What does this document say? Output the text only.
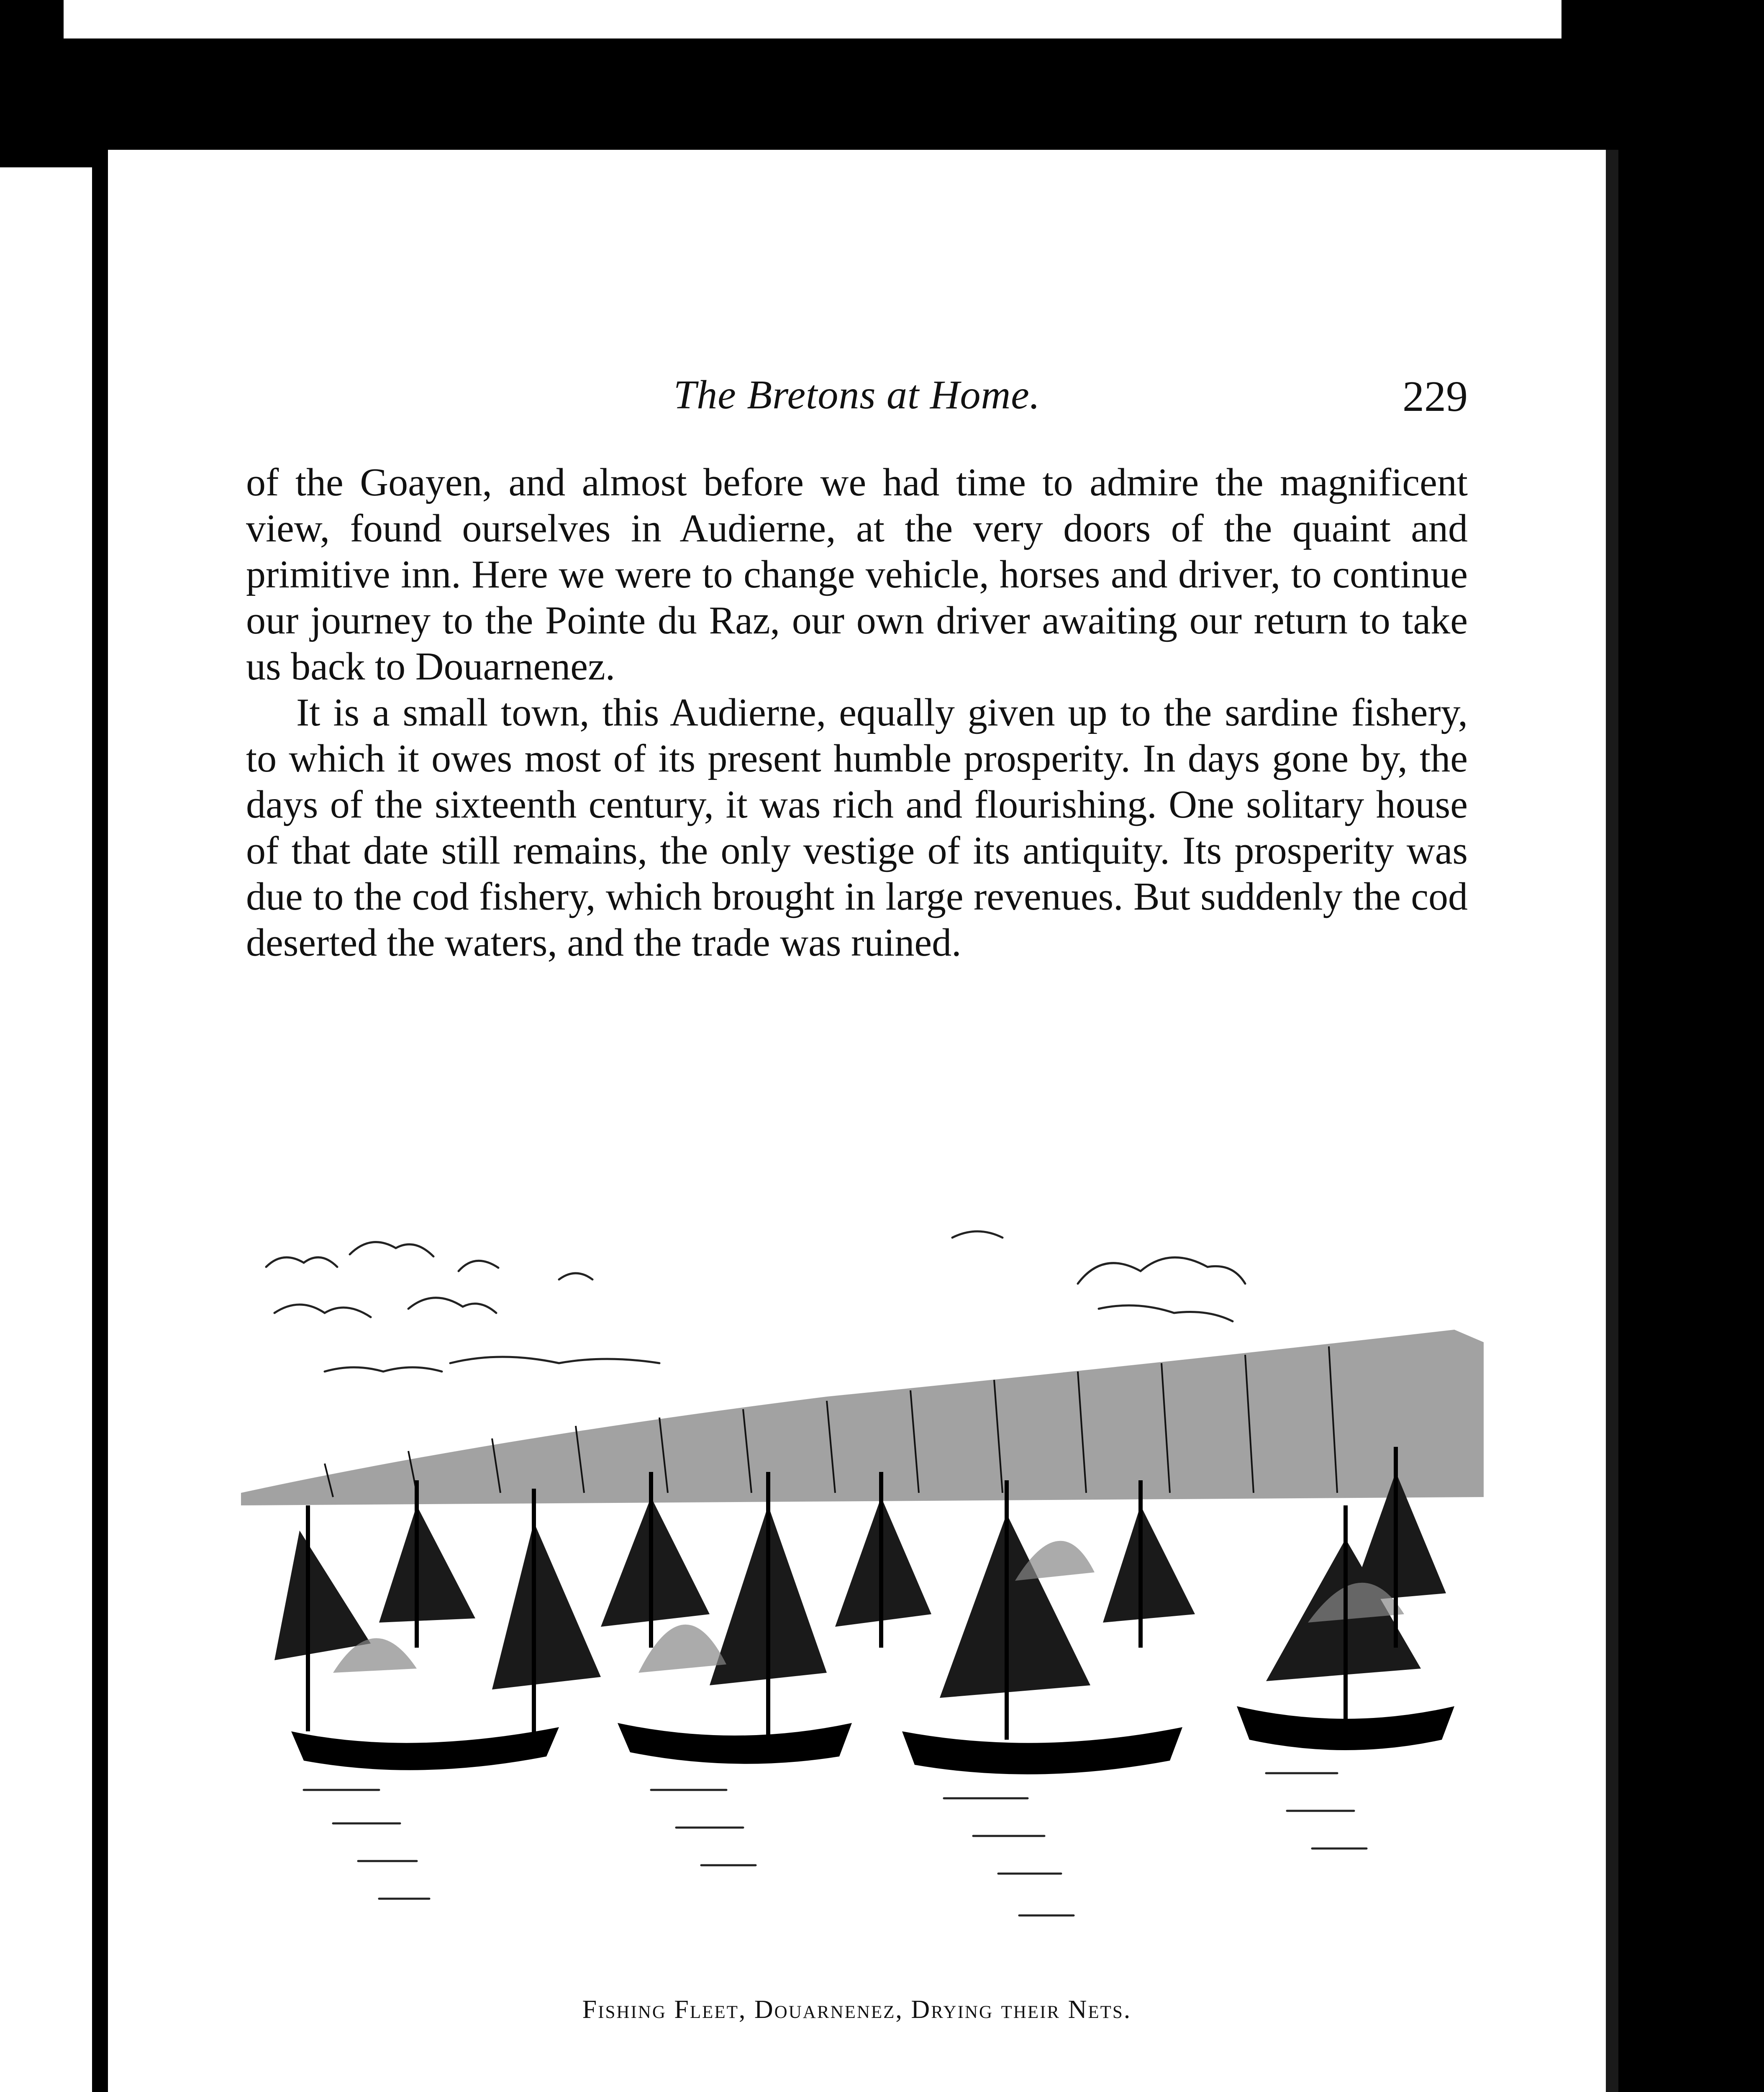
The Bretons at Home.	229

of the Goayen, and almost before we had time to admire the magnificent view, found ourselves in Audierne, at the very doors of the quaint and primitive inn. Here we were to change vehicle, horses and driver, to continue our journey to the Pointe du Raz, our own driver awaiting our return to take us back to Douarnenez.

It is a small town, this Audierne, equally given up to the sardine fishery, to which it owes most of its present humble prosperity. In days gone by, the days of the sixteenth century, it was rich and flourishing. One solitary house of that date still remains, the only vestige of its antiquity. Its prosperity was due to the cod fishery, which brought in large revenues. But suddenly the cod deserted the waters, and the trade was ruined.

Fishing Fleet, Douarnenez, Drying their Nets.
